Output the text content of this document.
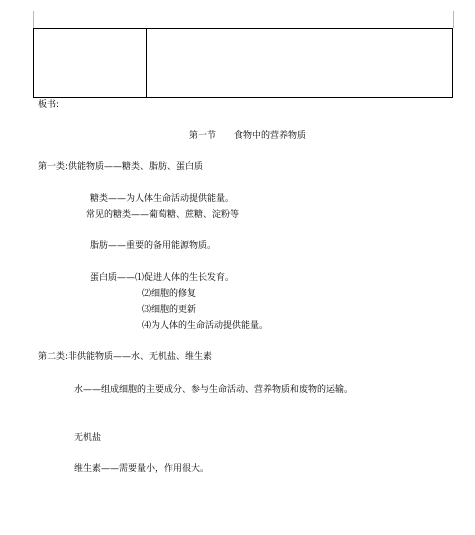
板书:
第一节　　食物中的营养物质
第一类:供能物质——糖类、脂肪、蛋白质
糖类——为人体生命活动提供能量。
常见的糖类——葡萄糖、蔗糖、淀粉等
脂肪——重要的备用能源物质。
蛋白质——⑴促进人体的生长发育。
⑵细胞的修复
⑶细胞的更新
⑷为人体的生命活动提供能量。
第二类:非供能物质——水、无机盐、维生素
水——组成细胞的主要成分、参与生命活动、营养物质和废物的运输。
无机盐
维生素——需要量小，作用很大。
